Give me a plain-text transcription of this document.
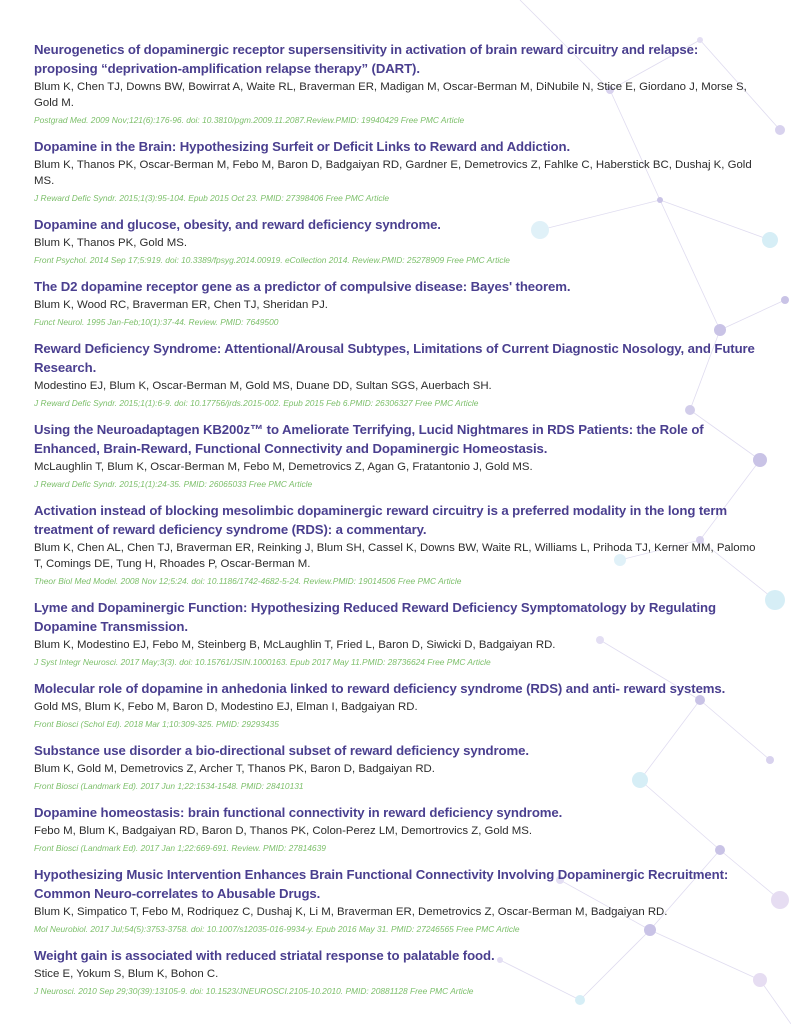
Neurogenetics of dopaminergic receptor supersensitivity in activation of brain reward circuitry and relapse: proposing “deprivation-amplification relapse therapy” (DART).
Blum K, Chen TJ, Downs BW, Bowirrat A, Waite RL, Braverman ER, Madigan M, Oscar-Berman M, DiNubile N, Stice E, Giordano J, Morse S, Gold M.
Postgrad Med. 2009 Nov;121(6):176-96. doi: 10.3810/pgm.2009.11.2087.Review.PMID: 19940429 Free PMC Article
Dopamine in the Brain: Hypothesizing Surfeit or Deficit Links to Reward and Addiction.
Blum K, Thanos PK, Oscar-Berman M, Febo M, Baron D, Badgaiyan RD, Gardner E, Demetrovics Z, Fahlke C, Haberstick BC, Dushaj K, Gold MS.
J Reward Defic Syndr. 2015;1(3):95-104. Epub 2015 Oct 23. PMID: 27398406 Free PMC Article
Dopamine and glucose, obesity, and reward deficiency syndrome.
Blum K, Thanos PK, Gold MS.
Front Psychol. 2014 Sep 17;5:919. doi: 10.3389/fpsyg.2014.00919. eCollection 2014. Review.PMID: 25278909 Free PMC Article
The D2 dopamine receptor gene as a predictor of compulsive disease: Bayes' theorem.
Blum K, Wood RC, Braverman ER, Chen TJ, Sheridan PJ.
Funct Neurol. 1995 Jan-Feb;10(1):37-44. Review. PMID: 7649500
Reward Deficiency Syndrome: Attentional/Arousal Subtypes, Limitations of Current Diagnostic Nosology, and Future Research.
Modestino EJ, Blum K, Oscar-Berman M, Gold MS, Duane DD, Sultan SGS, Auerbach SH.
J Reward Defic Syndr. 2015;1(1):6-9. doi: 10.17756/jrds.2015-002. Epub 2015 Feb 6.PMID: 26306327 Free PMC Article
Using the Neuroadaptagen KB200z™ to Ameliorate Terrifying, Lucid Nightmares in RDS Patients: the Role of Enhanced, Brain-Reward, Functional Connectivity and Dopaminergic Homeostasis.
McLaughlin T, Blum K, Oscar-Berman M, Febo M, Demetrovics Z, Agan G, Fratantonio J, Gold MS.
J Reward Defic Syndr. 2015;1(1):24-35. PMID: 26065033 Free PMC Article
Activation instead of blocking mesolimbic dopaminergic reward circuitry is a preferred modality in the long term treatment of reward deficiency syndrome (RDS): a commentary.
Blum K, Chen AL, Chen TJ, Braverman ER, Reinking J, Blum SH, Cassel K, Downs BW, Waite RL, Williams L, Prihoda TJ, Kerner MM, Palomo T, Comings DE, Tung H, Rhoades P, Oscar-Berman M.
Theor Biol Med Model. 2008 Nov 12;5:24. doi: 10.1186/1742-4682-5-24. Review.PMID: 19014506 Free PMC Article
Lyme and Dopaminergic Function: Hypothesizing Reduced Reward Deficiency Symptomatology by Regulating Dopamine Transmission.
Blum K, Modestino EJ, Febo M, Steinberg B, McLaughlin T, Fried L, Baron D, Siwicki D, Badgaiyan RD.
J Syst Integr Neurosci. 2017 May;3(3). doi: 10.15761/JSIN.1000163. Epub 2017 May 11.PMID: 28736624 Free PMC Article
Molecular role of dopamine in anhedonia linked to reward deficiency syndrome (RDS) and anti- reward systems.
Gold MS, Blum K, Febo M, Baron D, Modestino EJ, Elman I, Badgaiyan RD.
Front Biosci (Schol Ed). 2018 Mar 1;10:309-325. PMID: 29293435
Substance use disorder a bio-directional subset of reward deficiency syndrome.
Blum K, Gold M, Demetrovics Z, Archer T, Thanos PK, Baron D, Badgaiyan RD.
Front Biosci (Landmark Ed). 2017 Jun 1;22:1534-1548. PMID: 28410131
Dopamine homeostasis: brain functional connectivity in reward deficiency syndrome.
Febo M, Blum K, Badgaiyan RD, Baron D, Thanos PK, Colon-Perez LM, Demortrovics Z, Gold MS.
Front Biosci (Landmark Ed). 2017 Jan 1;22:669-691. Review. PMID: 27814639
Hypothesizing Music Intervention Enhances Brain Functional Connectivity Involving Dopaminergic Recruitment: Common Neuro-correlates to Abusable Drugs.
Blum K, Simpatico T, Febo M, Rodriquez C, Dushaj K, Li M, Braverman ER, Demetrovics Z, Oscar-Berman M, Badgaiyan RD.
Mol Neurobiol. 2017 Jul;54(5):3753-3758. doi: 10.1007/s12035-016-9934-y. Epub 2016 May 31. PMID: 27246565 Free PMC Article
Weight gain is associated with reduced striatal response to palatable food.
Stice E, Yokum S, Blum K, Bohon C.
J Neurosci. 2010 Sep 29;30(39):13105-9. doi: 10.1523/JNEUROSCI.2105-10.2010. PMID: 20881128 Free PMC Article
